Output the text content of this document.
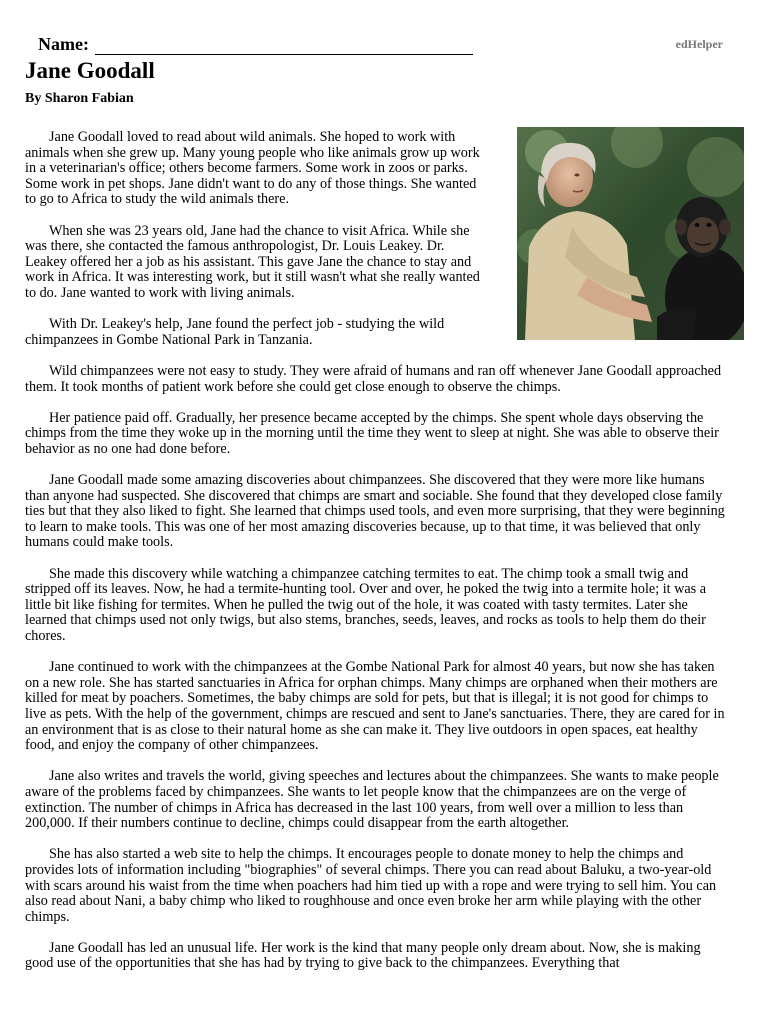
Name:	edHelper
Jane Goodall
By Sharon Fabian

Jane Goodall loved to read about wild animals. She hoped to work with animals when she grew up. Many young people who like animals grow up work in a veterinarian's office; others become farmers. Some work in zoos or parks. Some work in pet shops. Jane didn't want to do any of those things. She wanted to go to Africa to study the wild animals there.

When she was 23 years old, Jane had the chance to visit Africa. While she was there, she contacted the famous anthropologist, Dr. Louis Leakey. Dr. Leakey offered her a job as his assistant. This gave Jane the chance to stay and work in Africa. It was interesting work, but it still wasn't what she really wanted to do. Jane wanted to work with living animals.

With Dr. Leakey's help, Jane found the perfect job - studying the wild chimpanzees in Gombe National Park in Tanzania.

Wild chimpanzees were not easy to study. They were afraid of humans and ran off whenever Jane Goodall approached them. It took months of patient work before she could get close enough to observe the chimps.

Her patience paid off. Gradually, her presence became accepted by the chimps. She spent whole days observing the chimps from the time they woke up in the morning until the time they went to sleep at night. She was able to observe their behavior as no one had done before.

Jane Goodall made some amazing discoveries about chimpanzees. She discovered that they were more like humans than anyone had suspected. She discovered that chimps are smart and sociable. She found that they developed close family ties but that they also liked to fight. She learned that chimps used tools, and even more surprising, that they were beginning to learn to make tools. This was one of her most amazing discoveries because, up to that time, it was believed that only humans could make tools.

She made this discovery while watching a chimpanzee catching termites to eat. The chimp took a small twig and stripped off its leaves. Now, he had a termite-hunting tool. Over and over, he poked the twig into a termite hole; it was a little bit like fishing for termites. When he pulled the twig out of the hole, it was coated with tasty termites. Later she learned that chimps used not only twigs, but also stems, branches, seeds, leaves, and rocks as tools to help them do their chores.

Jane continued to work with the chimpanzees at the Gombe National Park for almost 40 years, but now she has taken on a new role. She has started sanctuaries in Africa for orphan chimps. Many chimps are orphaned when their mothers are killed for meat by poachers. Sometimes, the baby chimps are sold for pets, but that is illegal; it is not good for chimps to live as pets. With the help of the government, chimps are rescued and sent to Jane's sanctuaries. There, they are cared for in an environment that is as close to their natural home as she can make it. They live outdoors in open spaces, eat healthy food, and enjoy the company of other chimpanzees.

Jane also writes and travels the world, giving speeches and lectures about the chimpanzees. She wants to make people aware of the problems faced by chimpanzees. She wants to let people know that the chimpanzees are on the verge of extinction. The number of chimps in Africa has decreased in the last 100 years, from well over a million to less than 200,000. If their numbers continue to decline, chimps could disappear from the earth altogether.

She has also started a web site to help the chimps. It encourages people to donate money to help the chimps and provides lots of information including "biographies" of several chimps. There you can read about Baluku, a two-year-old with scars around his waist from the time when poachers had him tied up with a rope and were trying to sell him. You can also read about Nani, a baby chimp who liked to roughhouse and once even broke her arm while playing with the other chimps.

Jane Goodall has led an unusual life. Her work is the kind that many people only dream about. Now, she is making good use of the opportunities that she has had by trying to give back to the chimpanzees. Everything that
